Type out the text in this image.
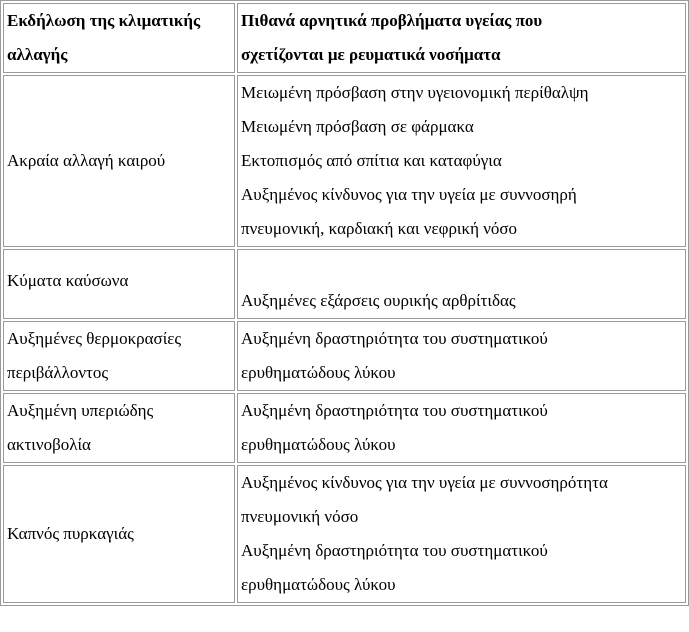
Εκδήλωση της κλιματικής
αλλαγής	Πιθανά αρνητικά προβλήματα υγείας που
σχετίζονται με ρευματικά νοσήματα

Ακραία αλλαγή καιρού	Μειωμένη πρόσβαση στην υγειονομική περίθαλψη
Μειωμένη πρόσβαση σε φάρμακα
Εκτοπισμός από σπίτια και καταφύγια
Αυξημένος κίνδυνος για την υγεία με συννοσηρή
πνευμονική, καρδιακή και νεφρική νόσο

Κύματα καύσωνα	Αυξημένες εξάρσεις ουρικής αρθρίτιδας

Αυξημένες θερμοκρασίες
περιβάλλοντος	Αυξημένη δραστηριότητα του συστηματικού
ερυθηματώδους λύκου

Αυξημένη υπεριώδης
ακτινοβολία	Αυξημένη δραστηριότητα του συστηματικού
ερυθηματώδους λύκου

Καπνός πυρκαγιάς	Αυξημένος κίνδυνος για την υγεία με συννοσηρότητα
πνευμονική νόσο
Αυξημένη δραστηριότητα του συστηματικού
ερυθηματώδους λύκου
